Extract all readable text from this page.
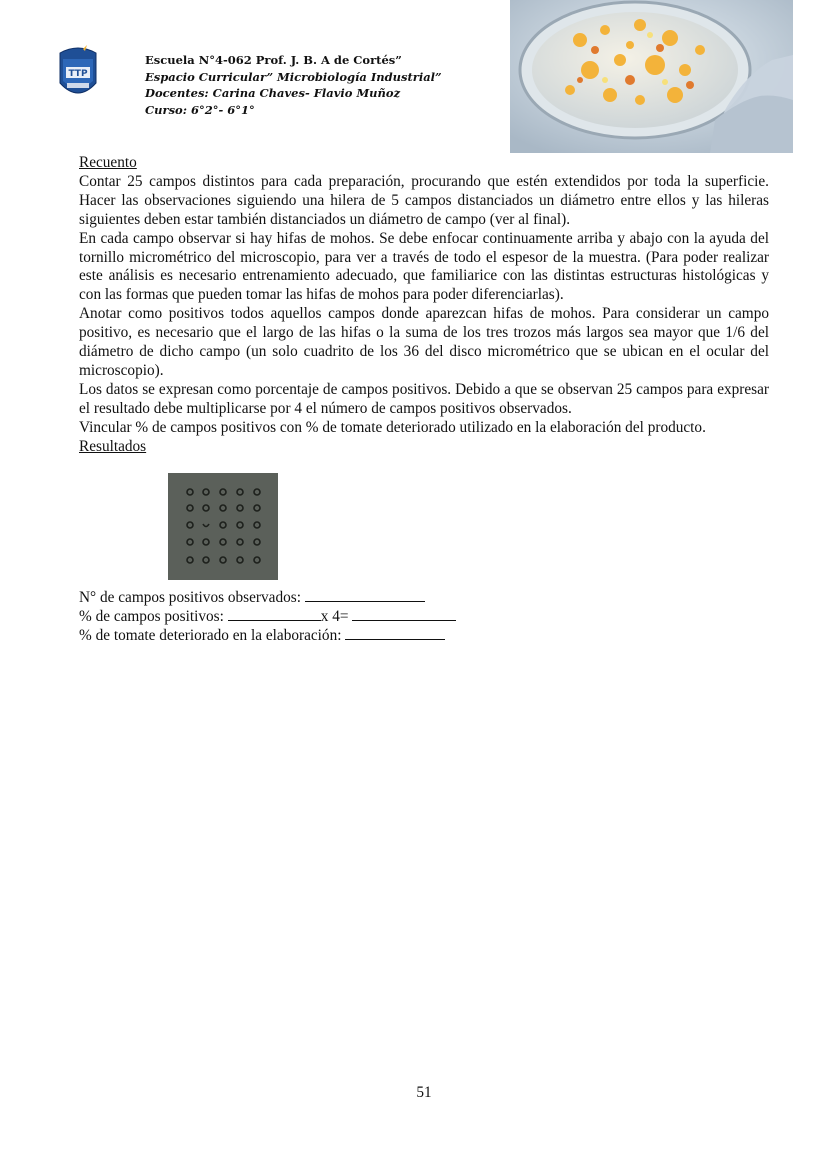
TTP
Escuela N°4-062 Prof. J. B. A de Cortés”
Espacio Curricular” Microbiología Industrial”
Docentes: Carina Chaves- Flavio Muñoz
Curso: 6°2°- 6°1°

Recuento

Contar 25 campos distintos para cada preparación, procurando que estén extendidos por toda la superficie. Hacer las observaciones siguiendo una hilera de 5 campos distanciados un diámetro entre ellos y las hileras siguientes deben estar también distanciados un diámetro de campo (ver al final).

En cada campo observar si hay hifas de mohos. Se debe enfocar continuamente arriba y abajo con la ayuda del tornillo micrométrico del microscopio, para ver a través de todo el espesor de la muestra. (Para poder realizar este análisis es necesario entrenamiento adecuado, que familiarice con las distintas estructuras histológicas y con las formas que pueden tomar las hifas de mohos para poder diferenciarlas).

Anotar como positivos todos aquellos campos donde aparezcan hifas de mohos. Para considerar un campo positivo, es necesario que el largo de las hifas o la suma de los tres trozos más largos sea mayor que 1/6 del diámetro de dicho campo (un solo cuadrito de los 36 del disco micrométrico que se ubican en el ocular del microscopio).

Los datos se expresan como porcentaje de campos positivos. Debido a que se observan 25 campos para expresar el resultado debe multiplicarse por 4 el número de campos positivos observados.

Vincular % de campos positivos con % de tomate deteriorado utilizado en la elaboración del producto.

Resultados

N° de campos positivos observados:
% de campos positivos:	x 4=
% de tomate deteriorado en la elaboración:
51
